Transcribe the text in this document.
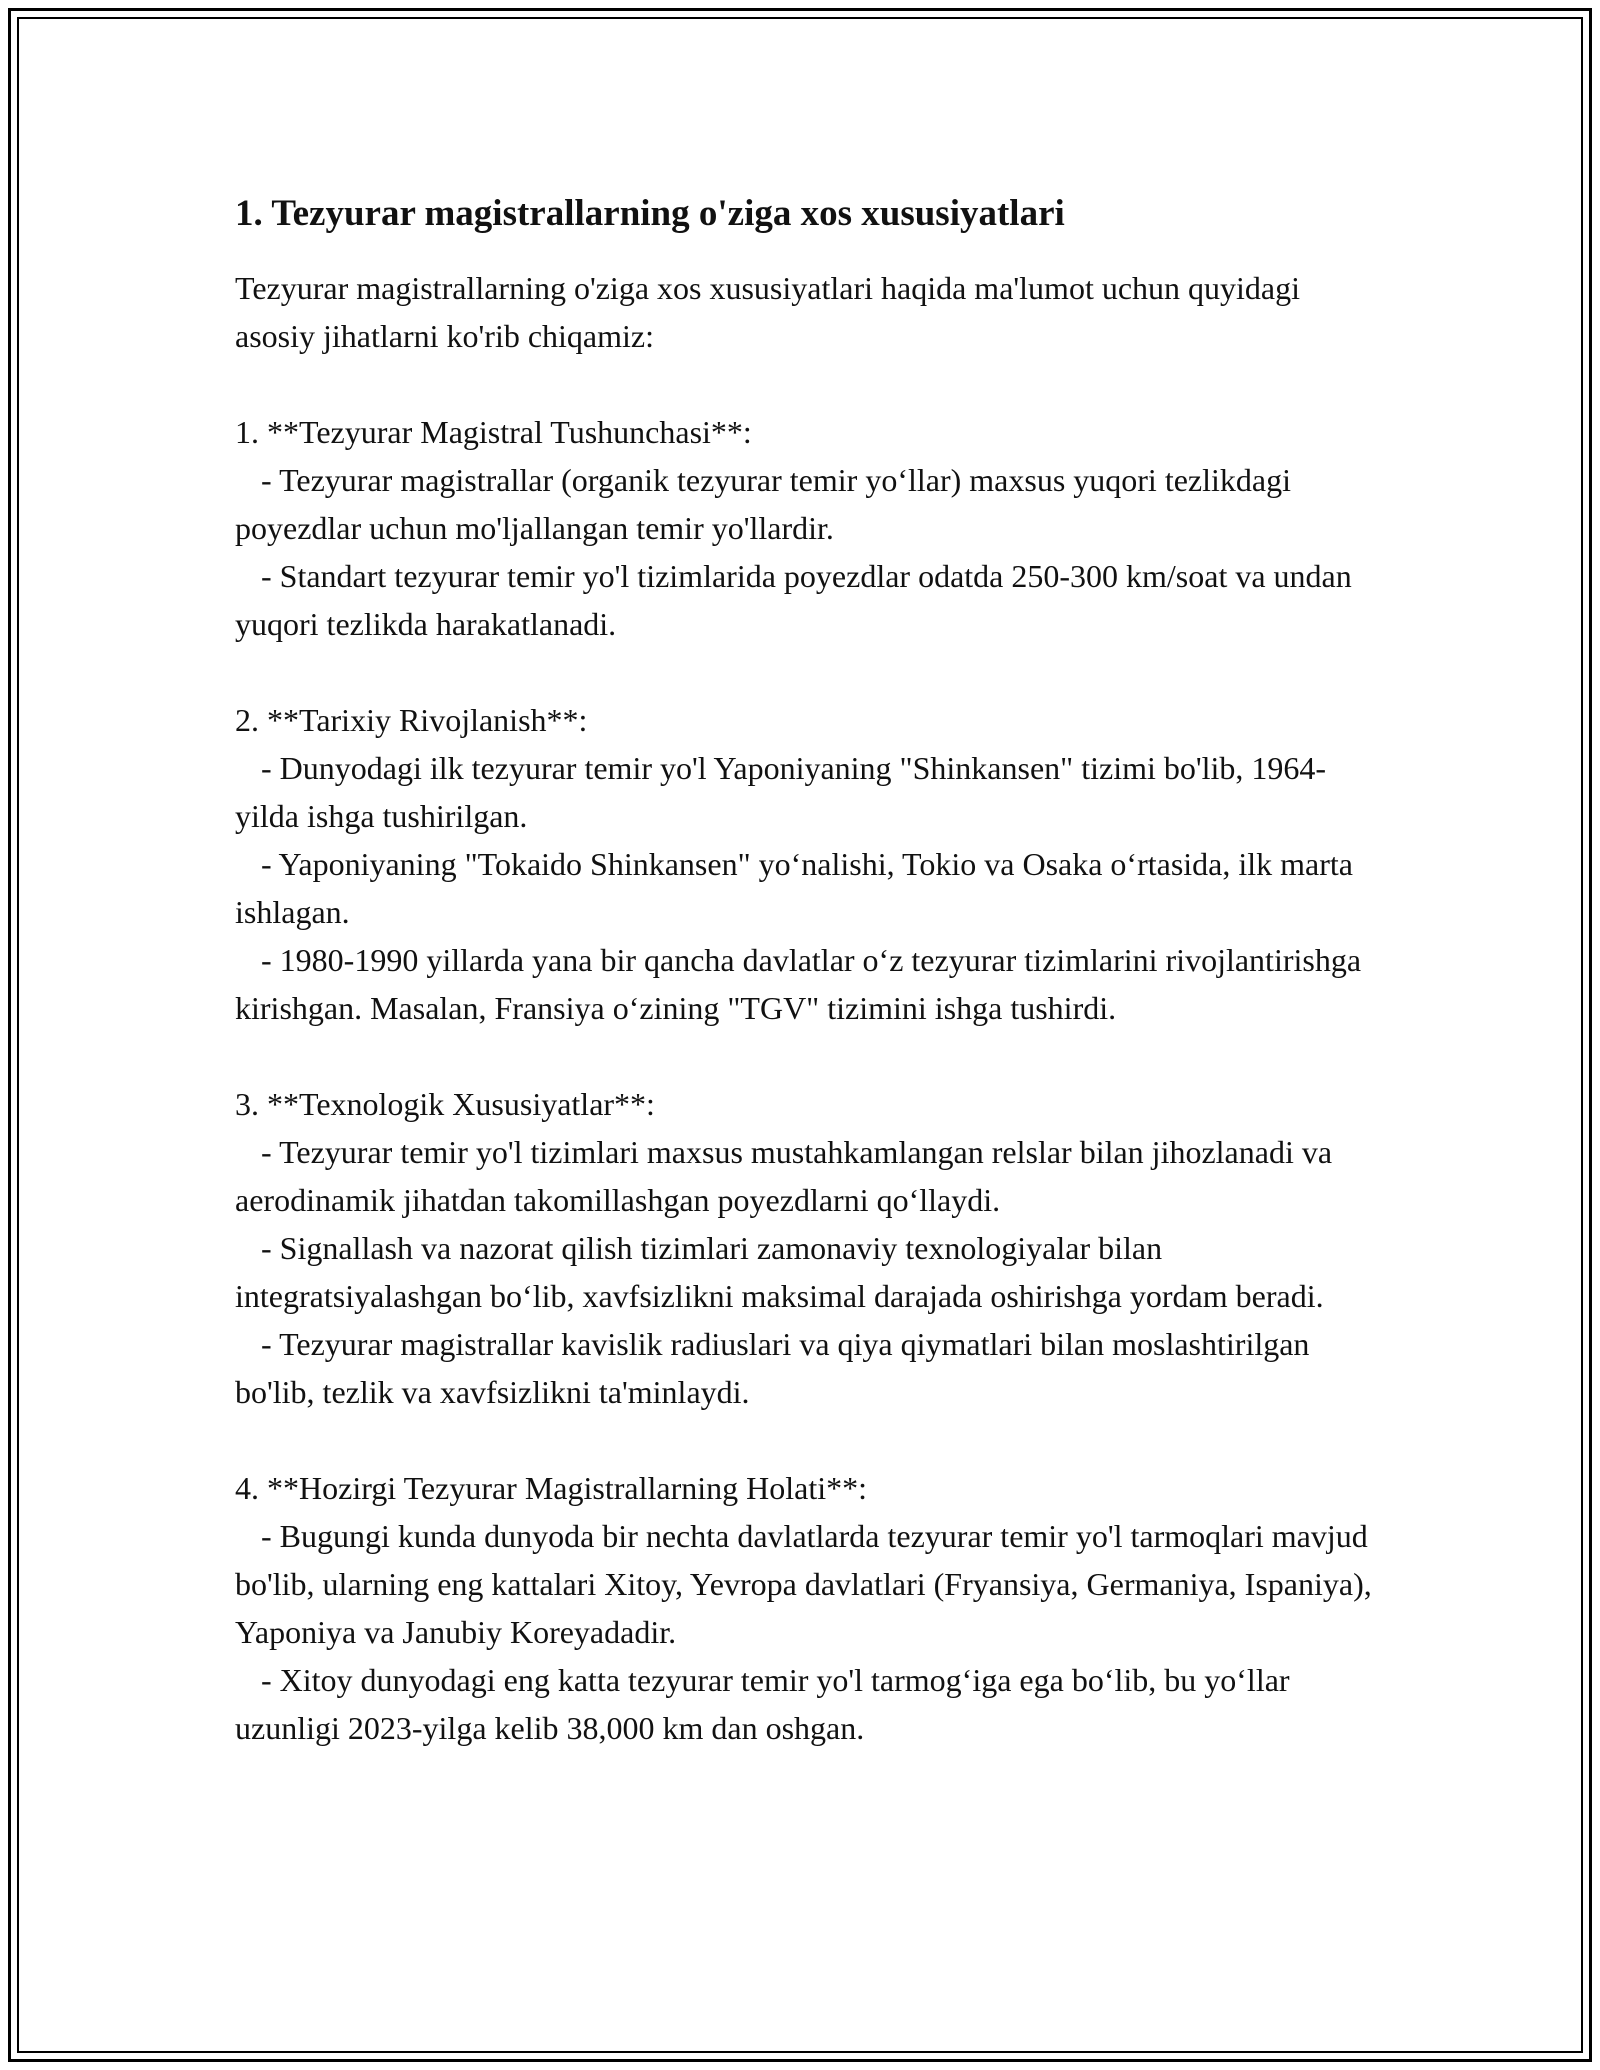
1. Tezyurar magistrallarning o'ziga xos xususiyatlari

Tezyurar magistrallarning o'ziga xos xususiyatlari haqida ma'lumot uchun quyidagi asosiy jihatlarni ko'rib chiqamiz:

1. **Tezyurar Magistral Tushunchasi**:

- Tezyurar magistrallar (organik tezyurar temir yo‘llar) maxsus yuqori tezlikdagi poyezdlar uchun mo'ljallangan temir yo'llardir.

- Standart tezyurar temir yo'l tizimlarida poyezdlar odatda 250-300 km/soat va undan yuqori tezlikda harakatlanadi.

2. **Tarixiy Rivojlanish**:

- Dunyodagi ilk tezyurar temir yo'l Yaponiyaning "Shinkansen" tizimi bo'lib, 1964-yilda ishga tushirilgan.

- Yaponiyaning "Tokaido Shinkansen" yo‘nalishi, Tokio va Osaka o‘rtasida, ilk marta ishlagan.

- 1980-1990 yillarda yana bir qancha davlatlar o‘z tezyurar tizimlarini rivojlantirishga kirishgan. Masalan, Fransiya o‘zining "TGV" tizimini ishga tushirdi.

3. **Texnologik Xususiyatlar**:

- Tezyurar temir yo'l tizimlari maxsus mustahkamlangan relslar bilan jihozlanadi va aerodinamik jihatdan takomillashgan poyezdlarni qo‘llaydi.

- Signallash va nazorat qilish tizimlari zamonaviy texnologiyalar bilan integratsiyalashgan bo‘lib, xavfsizlikni maksimal darajada oshirishga yordam beradi.

- Tezyurar magistrallar kavislik radiuslari va qiya qiymatlari bilan moslashtirilgan bo'lib, tezlik va xavfsizlikni ta'minlaydi.

4. **Hozirgi Tezyurar Magistrallarning Holati**:

- Bugungi kunda dunyoda bir nechta davlatlarda tezyurar temir yo'l tarmoqlari mavjud bo'lib, ularning eng kattalari Xitoy, Yevropa davlatlari (Fryansiya, Germaniya, Ispaniya), Yaponiya va Janubiy Koreyadadir.

- Xitoy dunyodagi eng katta tezyurar temir yo'l tarmog‘iga ega bo‘lib, bu yo‘llar uzunligi 2023-yilga kelib 38,000 km dan oshgan.
